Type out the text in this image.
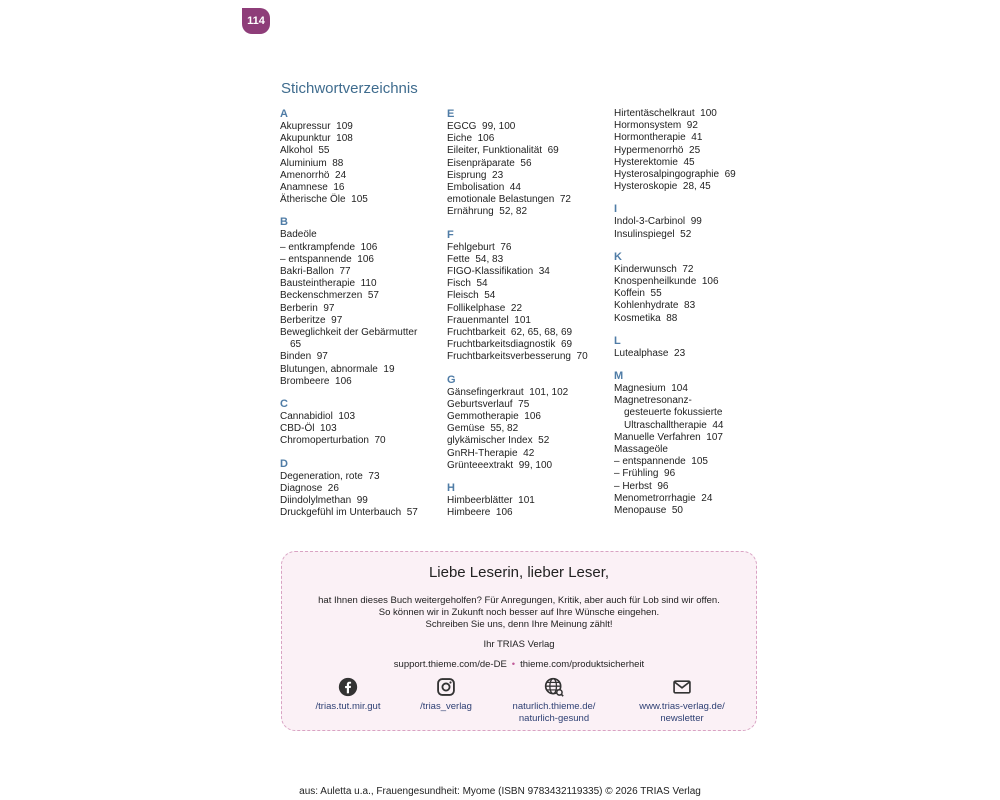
114
Stichwortverzeichnis

A

Akupressur  109

Akupunktur  108

Alkohol  55

Aluminium  88

Amenorrhö  24

Anamnese  16

Ätherische Öle  105

B

Badeöle

– entkrampfende  106

– entspannende  106

Bakri-Ballon  77

Bausteintherapie  110

Beckenschmerzen  57

Berberin  97

Berberitze  97

Beweglichkeit der Gebärmutter

65

Binden  97

Blutungen, abnormale  19

Brombeere  106

C

Cannabidiol  103

CBD-Öl  103

Chromoperturbation  70

D

Degeneration, rote  73

Diagnose  26

Diindolylmethan  99

Druckgefühl im Unterbauch  57

E

EGCG  99, 100

Eiche  106

Eileiter, Funktionalität  69

Eisenpräparate  56

Eisprung  23

Embolisation  44

emotionale Belastungen  72

Ernährung  52, 82

F

Fehlgeburt  76

Fette  54, 83

FIGO-Klassifikation  34

Fisch  54

Fleisch  54

Follikelphase  22

Frauenmantel  101

Fruchtbarkeit  62, 65, 68, 69

Fruchtbarkeitsdiagnostik  69

Fruchtbarkeitsverbesserung  70

G

Gänsefingerkraut  101, 102

Geburtsverlauf  75

Gemmotherapie  106

Gemüse  55, 82

glykämischer Index  52

GnRH-Therapie  42

Grünteeextrakt  99, 100

H

Himbeerblätter  101

Himbeere  106

Hirtentäschelkraut  100

Hormonsystem  92

Hormontherapie  41

Hypermenorrhö  25

Hysterektomie  45

Hysterosalpingographie  69

Hysteroskopie  28, 45

I

Indol-3-Carbinol  99

Insulinspiegel  52

K

Kinderwunsch  72

Knospenheilkunde  106

Koffein  55

Kohlenhydrate  83

Kosmetika  88

L

Lutealphase  23

M

Magnesium  104

Magnetresonanz-

gesteuerte fokussierte

Ultraschalltherapie  44

Manuelle Verfahren  107

Massageöle

– entspannende  105

– Frühling  96

– Herbst  96

Menometrorrhagie  24

Menopause  50

Liebe Leserin, lieber Leser,

hat Ihnen dieses Buch weitergeholfen? Für Anregungen, Kritik, aber auch für Lob sind wir offen.

So können wir in Zukunft noch besser auf Ihre Wünsche eingehen.

Schreiben Sie uns, denn Ihre Meinung zählt!

Ihr TRIAS Verlag

support.thieme.com/de-DE • thieme.com/produktsicherheit

/trias.tut.mir.gut	/trias_verlag	naturlich.thieme.de/
naturlich-gesund
www.trias-verlag.de/
newsletter
aus: Auletta u.a., Frauengesundheit: Myome (ISBN 9783432119335) © 2026 TRIAS Verlag
